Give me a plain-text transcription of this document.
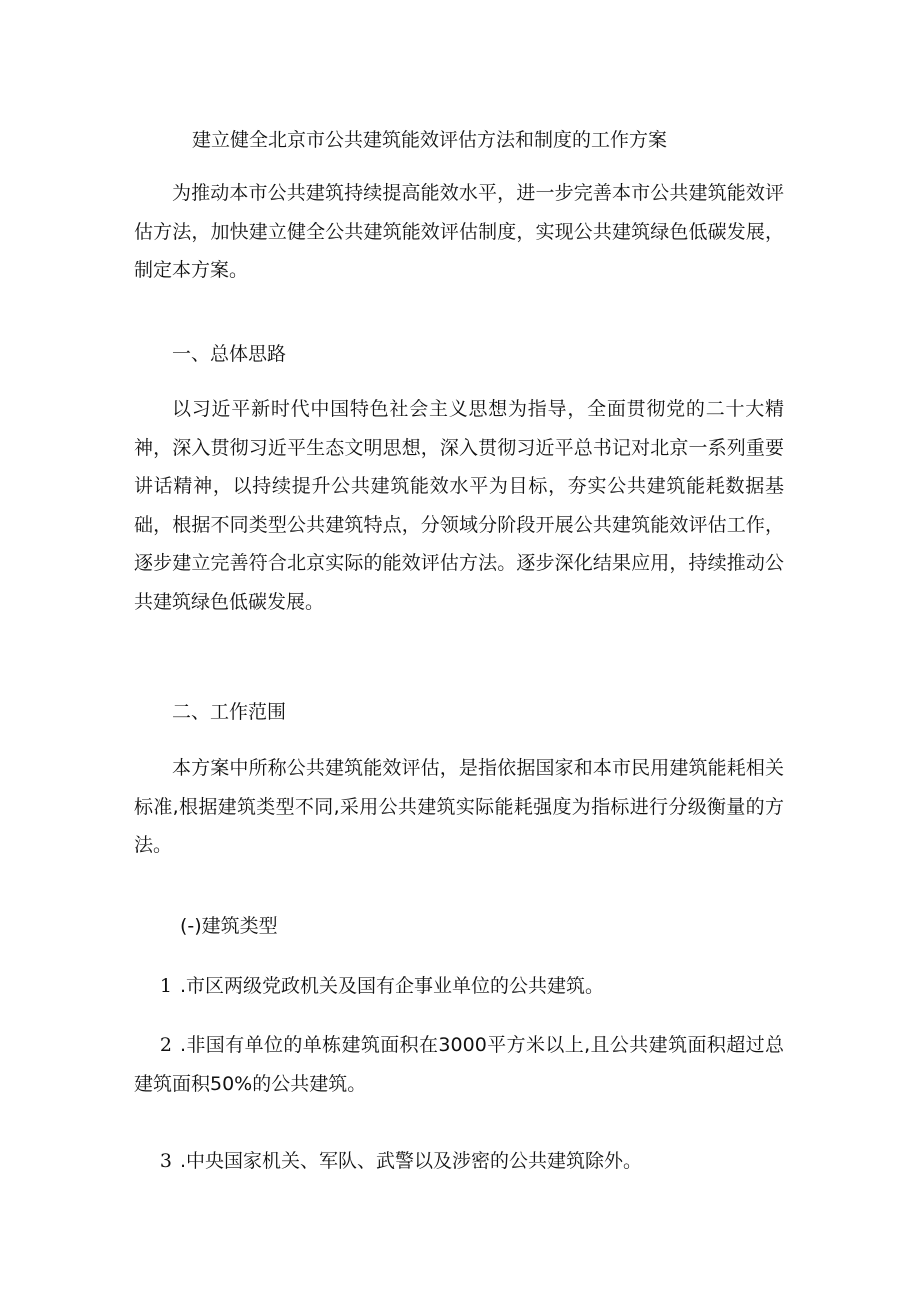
建立健全北京市公共建筑能效评估方法和制度的工作方案

为推动本市公共建筑持续提高能效水平，进一步完善本市公共建筑能效评估方法，加快建立健全公共建筑能效评估制度，实现公共建筑绿色低碳发展，制定本方案。

一、总体思路

以习近平新时代中国特色社会主义思想为指导，全面贯彻党的二十大精神，深入贯彻习近平生态文明思想，深入贯彻习近平总书记对北京一系列重要讲话精神，以持续提升公共建筑能效水平为目标，夯实公共建筑能耗数据基础，根据不同类型公共建筑特点，分领域分阶段开展公共建筑能效评估工作，逐步建立完善符合北京实际的能效评估方法。逐步深化结果应用，持续推动公共建筑绿色低碳发展。

二、工作范围

本方案中所称公共建筑能效评估，是指依据国家和本市民用建筑能耗相关标准,根据建筑类型不同,采用公共建筑实际能耗强度为指标进行分级衡量的方法。

(-)建筑类型

1 .市区两级党政机关及国有企事业单位的公共建筑。

2 .非国有单位的单栋建筑面积在3000平方米以上,且公共建筑面积超过总建筑面积50%的公共建筑。

3 .中央国家机关、军队、武警以及涉密的公共建筑除外。
